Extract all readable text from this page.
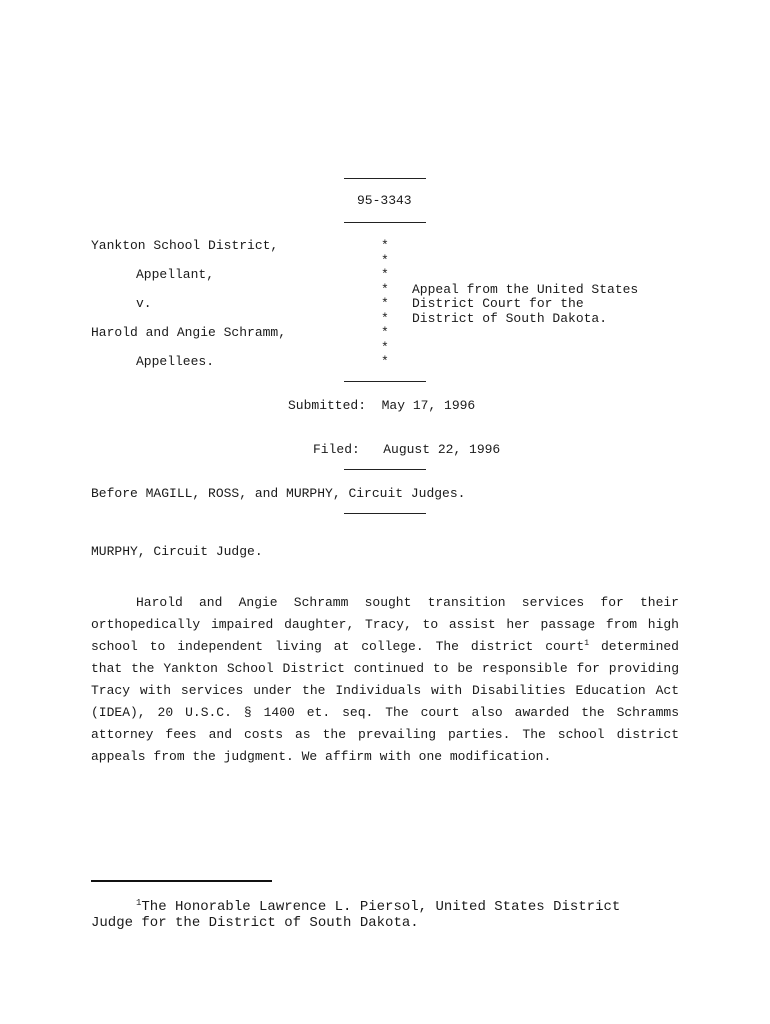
95-3343
Yankton School District,
Appellant,
v.
Harold and Angie Schramm,
Appellees.
*
*
*
*
*
*
*
*
*
Appeal from the United States
District Court for the
District of South Dakota.
Submitted:  May 17, 1996
Filed:   August 22, 1996
Before MAGILL, ROSS, and MURPHY, Circuit Judges.
MURPHY, Circuit Judge.
Harold and Angie Schramm sought transition services for their
orthopedically impaired daughter, Tracy, to assist her passage from high
school to independent living at college. The district court$^1$ determined
that the Yankton School District continued to be responsible for providing
Tracy with services under the Individuals with Disabilities Education Act
(IDEA), 20 U.S.C. § 1400 et. seq. The court also awarded the Schramms
attorney fees and costs as the prevailing parties. The school district
appeals from the judgment. We affirm with one modification.
$^1$The Honorable Lawrence L. Piersol, United States District
Judge for the District of South Dakota.
